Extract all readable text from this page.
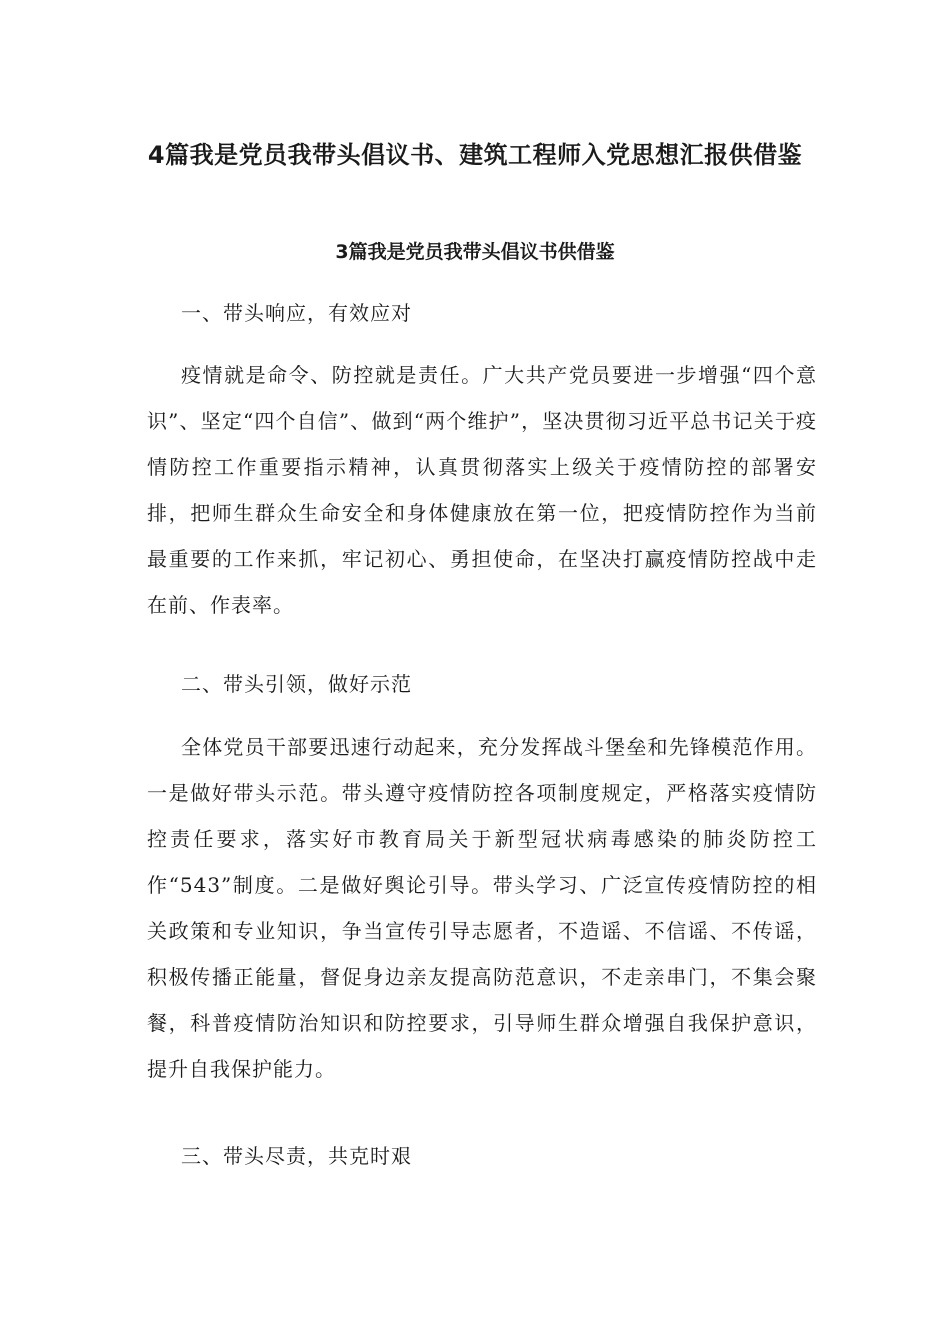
4篇我是党员我带头倡议书、建筑工程师入党思想汇报供借鉴
3篇我是党员我带头倡议书供借鉴

一、带头响应，有效应对

疫情就是命令、防控就是责任。广大共产党员要进一步增强“四个意识”、坚定“四个自信”、做到“两个维护”，坚决贯彻习近平总书记关于疫情防控工作重要指示精神，认真贯彻落实上级关于疫情防控的部署安排，把师生群众生命安全和身体健康放在第一位，把疫情防控作为当前最重要的工作来抓，牢记初心、勇担使命，在坚决打赢疫情防控战中走在前、作表率。

二、带头引领，做好示范

全体党员干部要迅速行动起来，充分发挥战斗堡垒和先锋模范作用。一是做好带头示范。带头遵守疫情防控各项制度规定，严格落实疫情防控责任要求，落实好市教育局关于新型冠状病毒感染的肺炎防控工作“543”制度。二是做好舆论引导。带头学习、广泛宣传疫情防控的相关政策和专业知识，争当宣传引导志愿者，不造谣、不信谣、不传谣，积极传播正能量，督促身边亲友提高防范意识，不走亲串门，不集会聚餐，科普疫情防治知识和防控要求，引导师生群众增强自我保护意识，提升自我保护能力。

三、带头尽责，共克时艰
